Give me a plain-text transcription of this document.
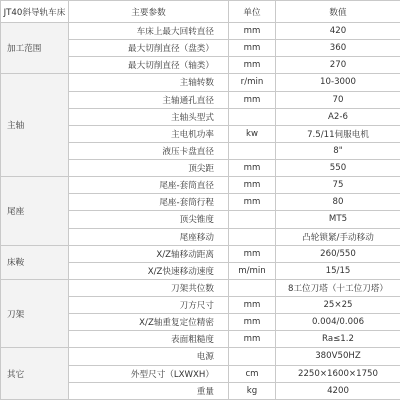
JT40斜导轨车床	主要参数	单位	数值
加工范围	车床上最大回转直径	mm	420
	最大切削直径（盘类）	mm	360
	最大切削直径（轴类）	mm	270
主轴	主轴转数	r/min	10-3000
	主轴通孔直径	mm	70
	主轴头型式		A2-6
	主电机功率	kw	7.5/11伺服电机
	液压卡盘直径		8"
	顶尖距	mm	550
尾座	尾座-套筒直径	mm	75
	尾座-套筒行程	mm	80
	顶尖锥度		MT5
	尾座移动		凸轮锁紧/手动移动
床鞍	X/Z轴移动距离	mm	260/550
	X/Z快速移动速度	m/min	15/15
刀架	刀架共位数		8工位刀塔（十工位刀塔）
	刀方尺寸	mm	25×25
	X/Z轴重复定位精密	mm	0.004/0.006
	表面粗糙度	mm	Ra≤1.2
其它	电源		380V50HZ
	外型尺寸（LXWXH）	cm	2250×1600×1750
	重量	kg	4200
